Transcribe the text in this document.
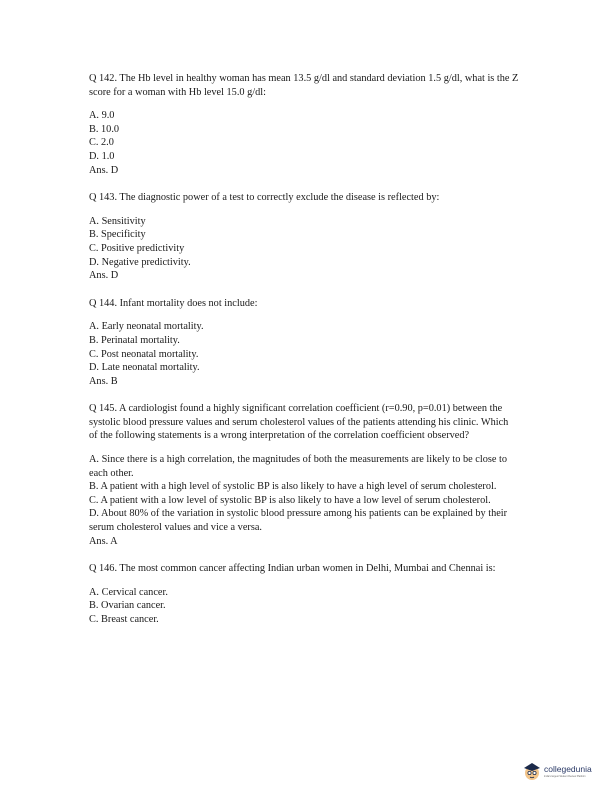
Q 142. The Hb level in healthy woman has mean 13.5 g/dl and standard deviation 1.5 g/dl, what is the Z score for a woman with Hb level 15.0 g/dl:

A. 9.0

B. 10.0

C. 2.0

D. 1.0

Ans. D

Q 143. The diagnostic power of a test to correctly exclude the disease is reflected by:

A. Sensitivity

B. Specificity

C. Positive predictivity

D. Negative predictivity.

Ans. D

Q 144. Infant mortality does not include:

A. Early neonatal mortality.

B. Perinatal mortality.

C. Post neonatal mortality.

D. Late neonatal mortality.

Ans. B

Q 145. A cardiologist found a highly significant correlation coefficient (r=0.90, p=0.01) between the systolic blood pressure values and serum cholesterol values of the patients attending his clinic. Which of the following statements is a wrong interpretation of the correlation coefficient observed?

A. Since there is a high correlation, the magnitudes of both the measurements are likely to be close to each other.

B. A patient with a high level of systolic BP is also likely to have a high level of serum cholesterol.

C. A patient with a low level of systolic BP is also likely to have a low level of serum cholesterol.

D. About 80% of the variation in systolic blood pressure among his patients can be explained by their serum cholesterol values and vice a versa.

Ans. A

Q 146. The most common cancer affecting Indian urban women in Delhi, Mumbai and Chennai is:

A. Cervical cancer.

B. Ovarian cancer.

C. Breast cancer.

collegedunia
India's largest Student Review Platform
